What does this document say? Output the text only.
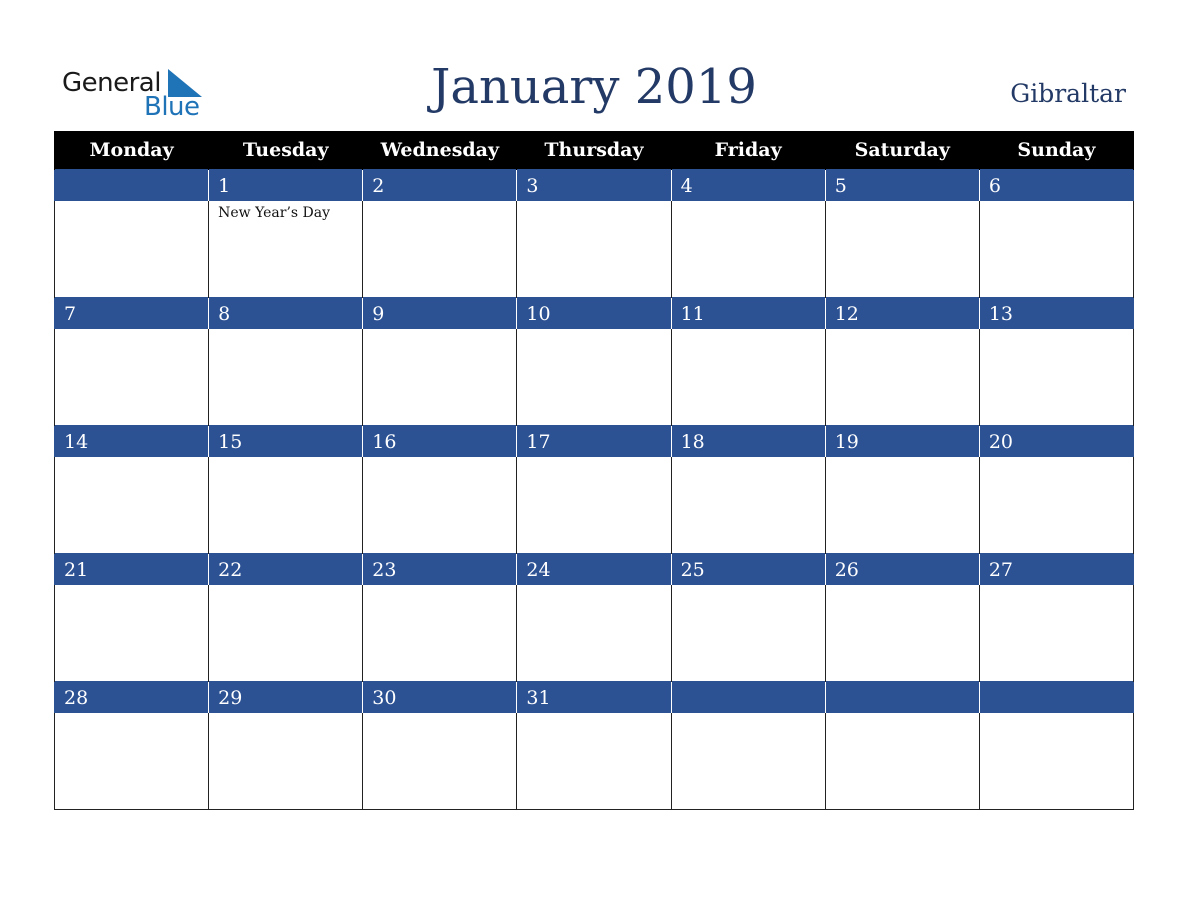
General
Blue	January 2019	Gibraltar
Monday	Tuesday	Wednesday	Thursday	Friday	Saturday	Sunday
	1	2	3	4	5	6

	New Year’s Day					

7	8	9	10	11	12	13

14	15	16	17	18	19	20

21	22	23	24	25	26	27

28	29	30	31			
